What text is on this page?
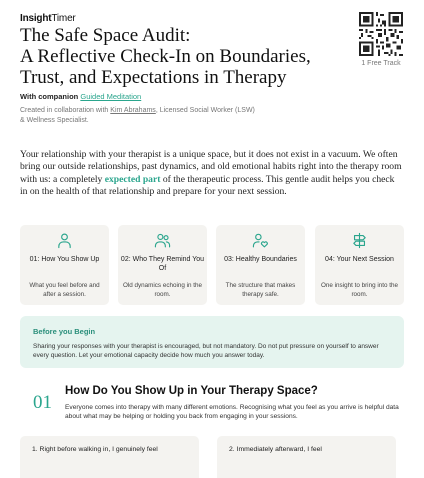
InsightTimer
The Safe Space Audit:
A Reflective Check-In on Boundaries,
Trust, and Expectations in Therapy
1 Free Track
With companion Guided Meditation
Created in collaboration with Kim Abrahams, Licensed Social Worker (LSW)
& Wellness Specialist.

Your relationship with your therapist is a unique space, but it does not exist in a vacuum. We often bring our outside relationships, past dynamics, and old emotional habits right into the therapy room with us: a completely expected part of the therapeutic process. This gentle audit helps you check in on the health of that relationship and prepare for your next session.

01: How You Show Up
What you feel before and after a session.
02: Who They Remind You Of
Old dynamics echoing in the room.
03: Healthy Boundaries
The structure that makes therapy safe.
04: Your Next Session
One insight to bring into the room.
Before you Begin
Sharing your responses with your therapist is encouraged, but not mandatory. Do not put pressure on yourself to answer every question. Let your emotional capacity decide how much you answer today.
01
How Do You Show Up in Your Therapy Space?

Everyone comes into therapy with many different emotions. Recognising what you feel as you arrive is helpful data about what may be helping or holding you back from engaging in your sessions.

1. Right before walking in, I genuinely feel	2. Immediately afterward, I feel
